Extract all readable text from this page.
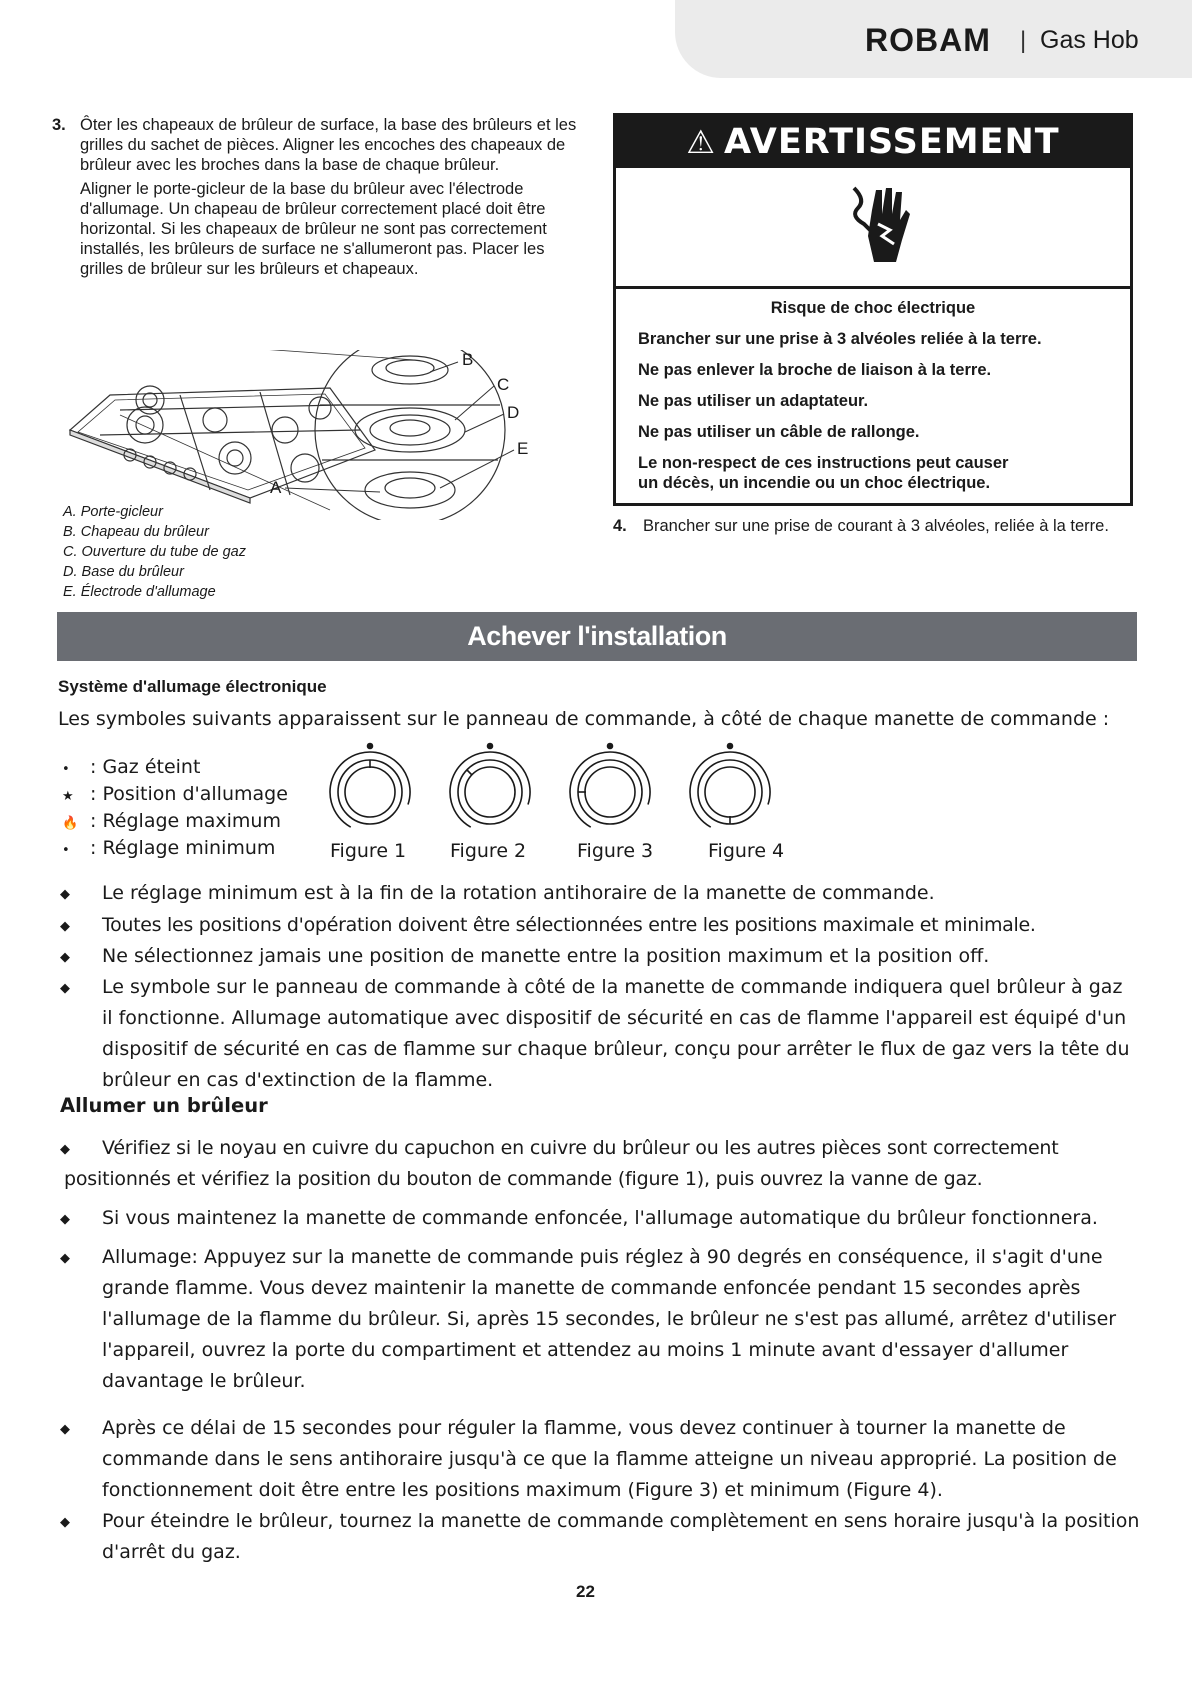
ROBAM | Gas Hob
3. Ôter les chapeaux de brûleur de surface, la base des brûleurs et les grilles du sachet de pièces. Aligner les encoches des chapeaux de brûleur avec les broches dans la base de chaque brûleur.

Aligner le porte-gicleur de la base du brûleur avec l'électrode d'allumage. Un chapeau de brûleur correctement placé doit être horizontal. Si les chapeaux de brûleur ne sont pas correctement installés, les brûleurs de surface ne s'allumeront pas. Placer les grilles de brûleur sur les brûleurs et chapeaux.

B
C
D
E
A
A. Porte-gicleur
B. Chapeau du brûleur
C. Ouverture du tube de gaz
D. Base du brûleur
E. Électrode d'allumage
⚠ AVERTISSEMENT
Risque de choc électrique
Brancher sur une prise à 3 alvéoles reliée à la terre.
Ne pas enlever la broche de liaison à la terre.
Ne pas utiliser un adaptateur.
Ne pas utiliser un câble de rallonge.
Le non-respect de ces instructions peut causer
un décès, un incendie ou un choc électrique.
4. Brancher sur une prise de courant à 3 alvéoles, reliée à la terre.
Achever l'installation
Système d'allumage électronique
Les symboles suivants apparaissent sur le panneau de commande, à côté de chaque manette de commande :
• : Gaz éteint
★ : Position d'allumage
🔥 : Réglage maximum
• : Réglage minimum	Figure 1 Figure 2	Figure 3	Figure 4
◆ Le réglage minimum est à la fin de la rotation antihoraire de la manette de commande.
◆ Toutes les positions d'opération doivent être sélectionnées entre les positions maximale et minimale.
◆ Ne sélectionnez jamais une position de manette entre la position maximum et la position off.
◆ Le symbole sur le panneau de commande à côté de la manette de commande indiquera quel brûleur à gaz il fonctionne. Allumage automatique avec dispositif de sécurité en cas de flamme l'appareil est équipé d'un dispositif de sécurité en cas de flamme sur chaque brûleur, conçu pour arrêter le flux de gaz vers la tête du brûleur en cas d'extinction de la flamme.
Allumer un brûleur
◆	Vérifiez si le noyau en cuivre du capuchon en cuivre du brûleur ou les autres pièces sont correctement positionnés et vérifiez la position du bouton de commande (figure 1), puis ouvrez la vanne de gaz.
◆ Si vous maintenez la manette de commande enfoncée, l'allumage automatique du brûleur fonctionnera.
◆ Allumage: Appuyez sur la manette de commande puis réglez à 90 degrés en conséquence, il s'agit d'une grande flamme. Vous devez maintenir la manette de commande enfoncée pendant 15 secondes après l'allumage de la flamme du brûleur. Si, après 15 secondes, le brûleur ne s'est pas allumé, arrêtez d'utiliser l'appareil, ouvrez la porte du compartiment et attendez au moins 1 minute avant d'essayer d'allumer davantage le brûleur.
◆ Après ce délai de 15 secondes pour réguler la flamme, vous devez continuer à tourner la manette de commande dans le sens antihoraire jusqu'à ce que la flamme atteigne un niveau approprié. La position de fonctionnement doit être entre les positions maximum (Figure 3) et minimum (Figure 4).
◆ Pour éteindre le brûleur, tournez la manette de commande complètement en sens horaire jusqu'à la position d'arrêt du gaz.
22
